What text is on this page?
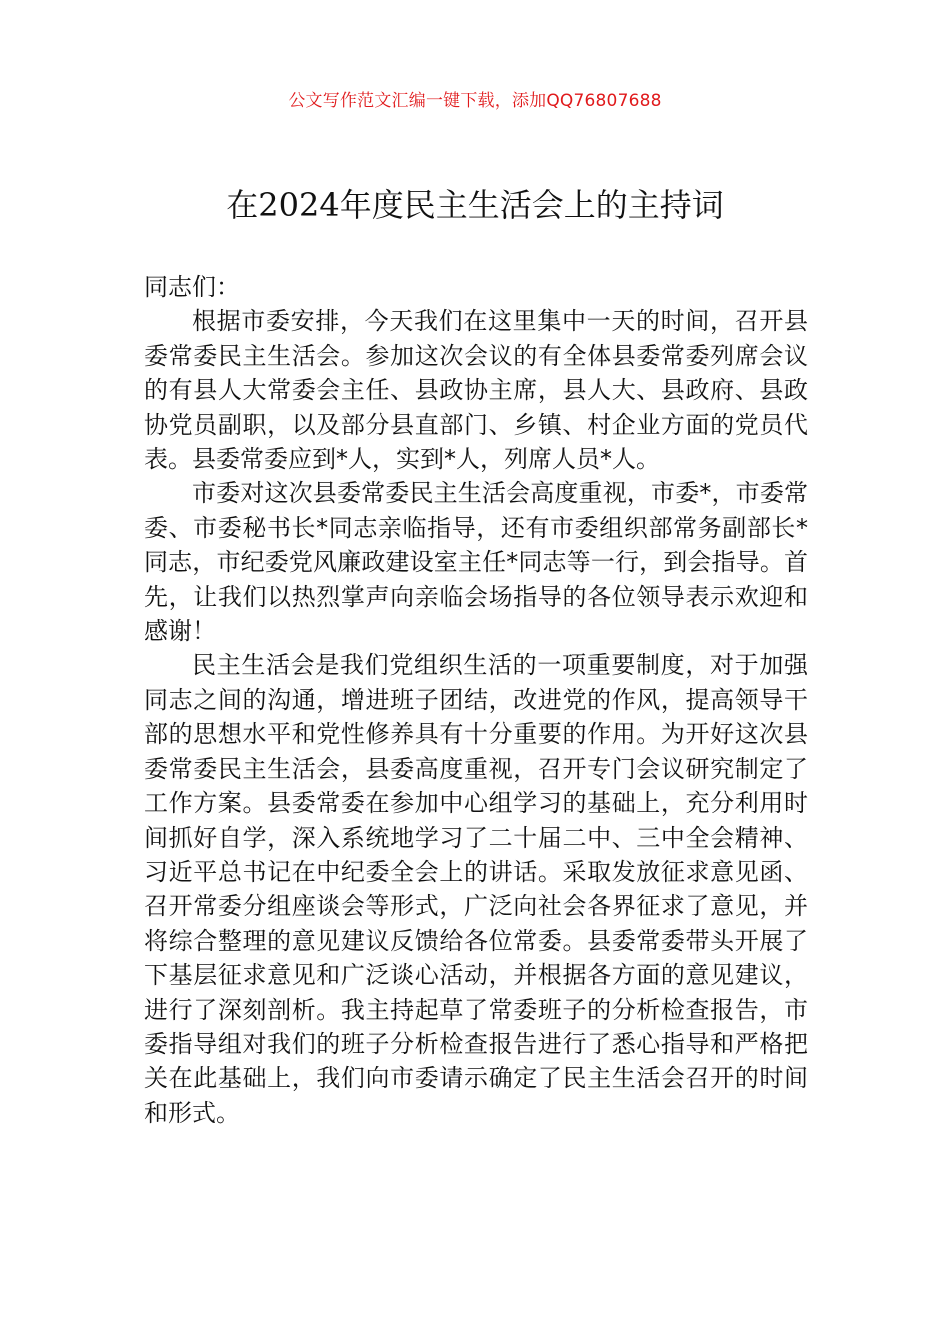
公文写作范文汇编一键下载，添加QQ76807688
在2024年度民主生活会上的主持词

同志们：

根据市委安排，今天我们在这里集中一天的时间，召开县委常委民主生活会。参加这次会议的有全体县委常委列席会议的有县人大常委会主任、县政协主席，县人大、县政府、县政协党员副职，以及部分县直部门、乡镇、村企业方面的党员代表。县委常委应到*人，实到*人，列席人员*人。

市委对这次县委常委民主生活会高度重视，市委*，市委常委、市委秘书长*同志亲临指导，还有市委组织部常务副部长*同志，市纪委党风廉政建设室主任*同志等一行，到会指导。首先，让我们以热烈掌声向亲临会场指导的各位领导表示欢迎和感谢！

民主生活会是我们党组织生活的一项重要制度，对于加强同志之间的沟通，增进班子团结，改进党的作风，提高领导干部的思想水平和党性修养具有十分重要的作用。为开好这次县委常委民主生活会，县委高度重视，召开专门会议研究制定了工作方案。县委常委在参加中心组学习的基础上，充分利用时间抓好自学，深入系统地学习了二十届二中、三中全会精神、习近平总书记在中纪委全会上的讲话。采取发放征求意见函、召开常委分组座谈会等形式，广泛向社会各界征求了意见，并将综合整理的意见建议反馈给各位常委。县委常委带头开展了下基层征求意见和广泛谈心活动，并根据各方面的意见建议，进行了深刻剖析。我主持起草了常委班子的分析检查报告，市委指导组对我们的班子分析检查报告进行了悉心指导和严格把关在此基础上，我们向市委请示确定了民主生活会召开的时间和形式。
